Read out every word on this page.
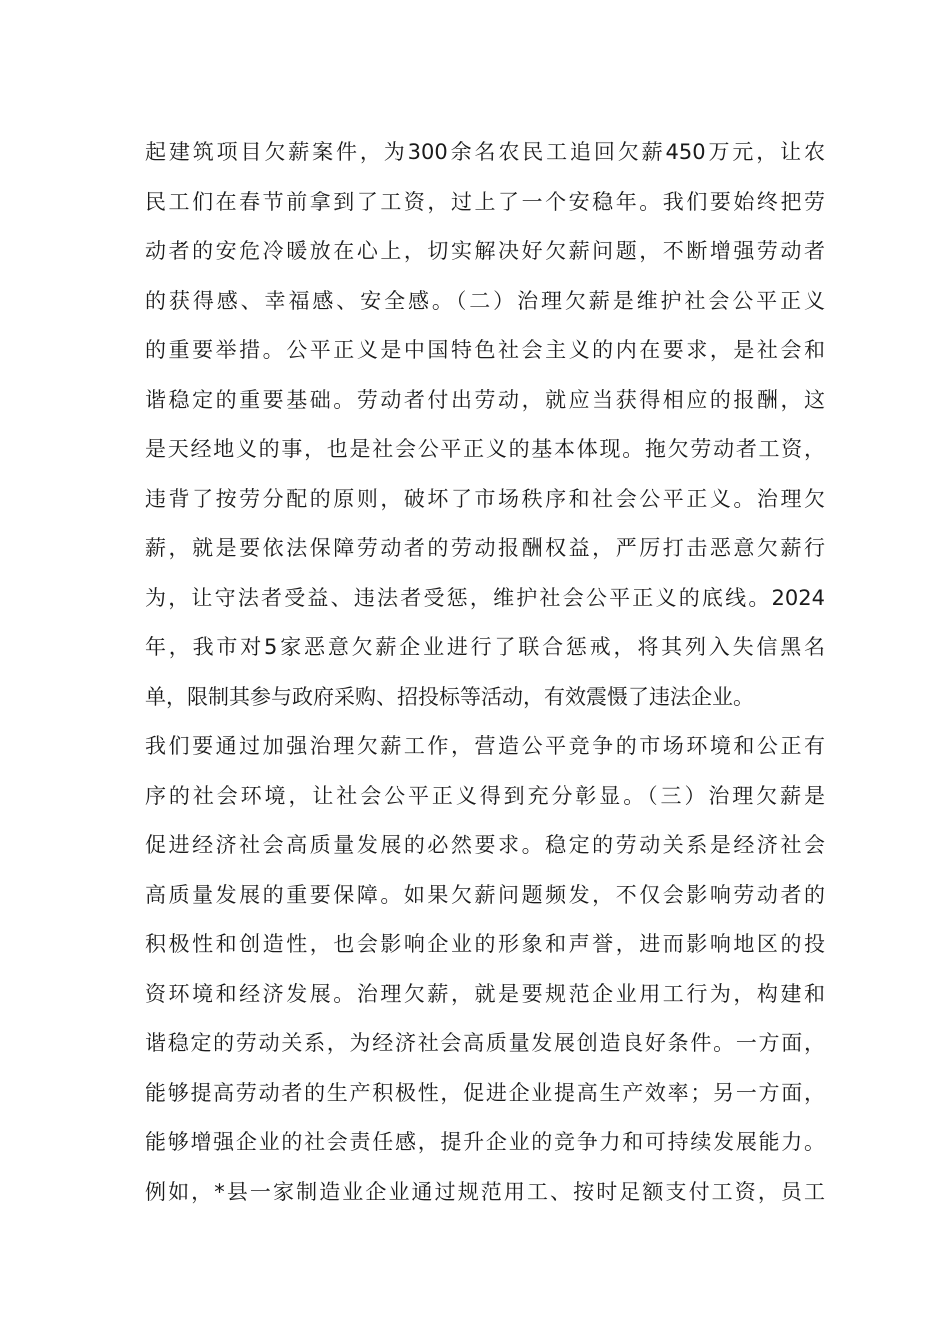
起建筑项目欠薪案件，为300余名农民工追回欠薪450万元，让农
民工们在春节前拿到了工资，过上了一个安稳年。我们要始终把劳
动者的安危冷暖放在心上，切实解决好欠薪问题，不断增强劳动者
的获得感、幸福感、安全感。（二）治理欠薪是维护社会公平正义
的重要举措。公平正义是中国特色社会主义的内在要求，是社会和
谐稳定的重要基础。劳动者付出劳动，就应当获得相应的报酬，这
是天经地义的事，也是社会公平正义的基本体现。拖欠劳动者工资，
违背了按劳分配的原则，破坏了市场秩序和社会公平正义。治理欠
薪，就是要依法保障劳动者的劳动报酬权益，严厉打击恶意欠薪行
为，让守法者受益、违法者受惩，维护社会公平正义的底线。2024
年，我市对5家恶意欠薪企业进行了联合惩戒，将其列入失信黑名
单，限制其参与政府采购、招投标等活动，有效震慑了违法企业。
我们要通过加强治理欠薪工作，营造公平竞争的市场环境和公正有
序的社会环境，让社会公平正义得到充分彰显。（三）治理欠薪是
促进经济社会高质量发展的必然要求。稳定的劳动关系是经济社会
高质量发展的重要保障。如果欠薪问题频发，不仅会影响劳动者的
积极性和创造性，也会影响企业的形象和声誉，进而影响地区的投
资环境和经济发展。治理欠薪，就是要规范企业用工行为，构建和
谐稳定的劳动关系，为经济社会高质量发展创造良好条件。一方面，
能够提高劳动者的生产积极性，促进企业提高生产效率；另一方面，
能够增强企业的社会责任感，提升企业的竞争力和可持续发展能力。
例如，*县一家制造业企业通过规范用工、按时足额支付工资，员工
